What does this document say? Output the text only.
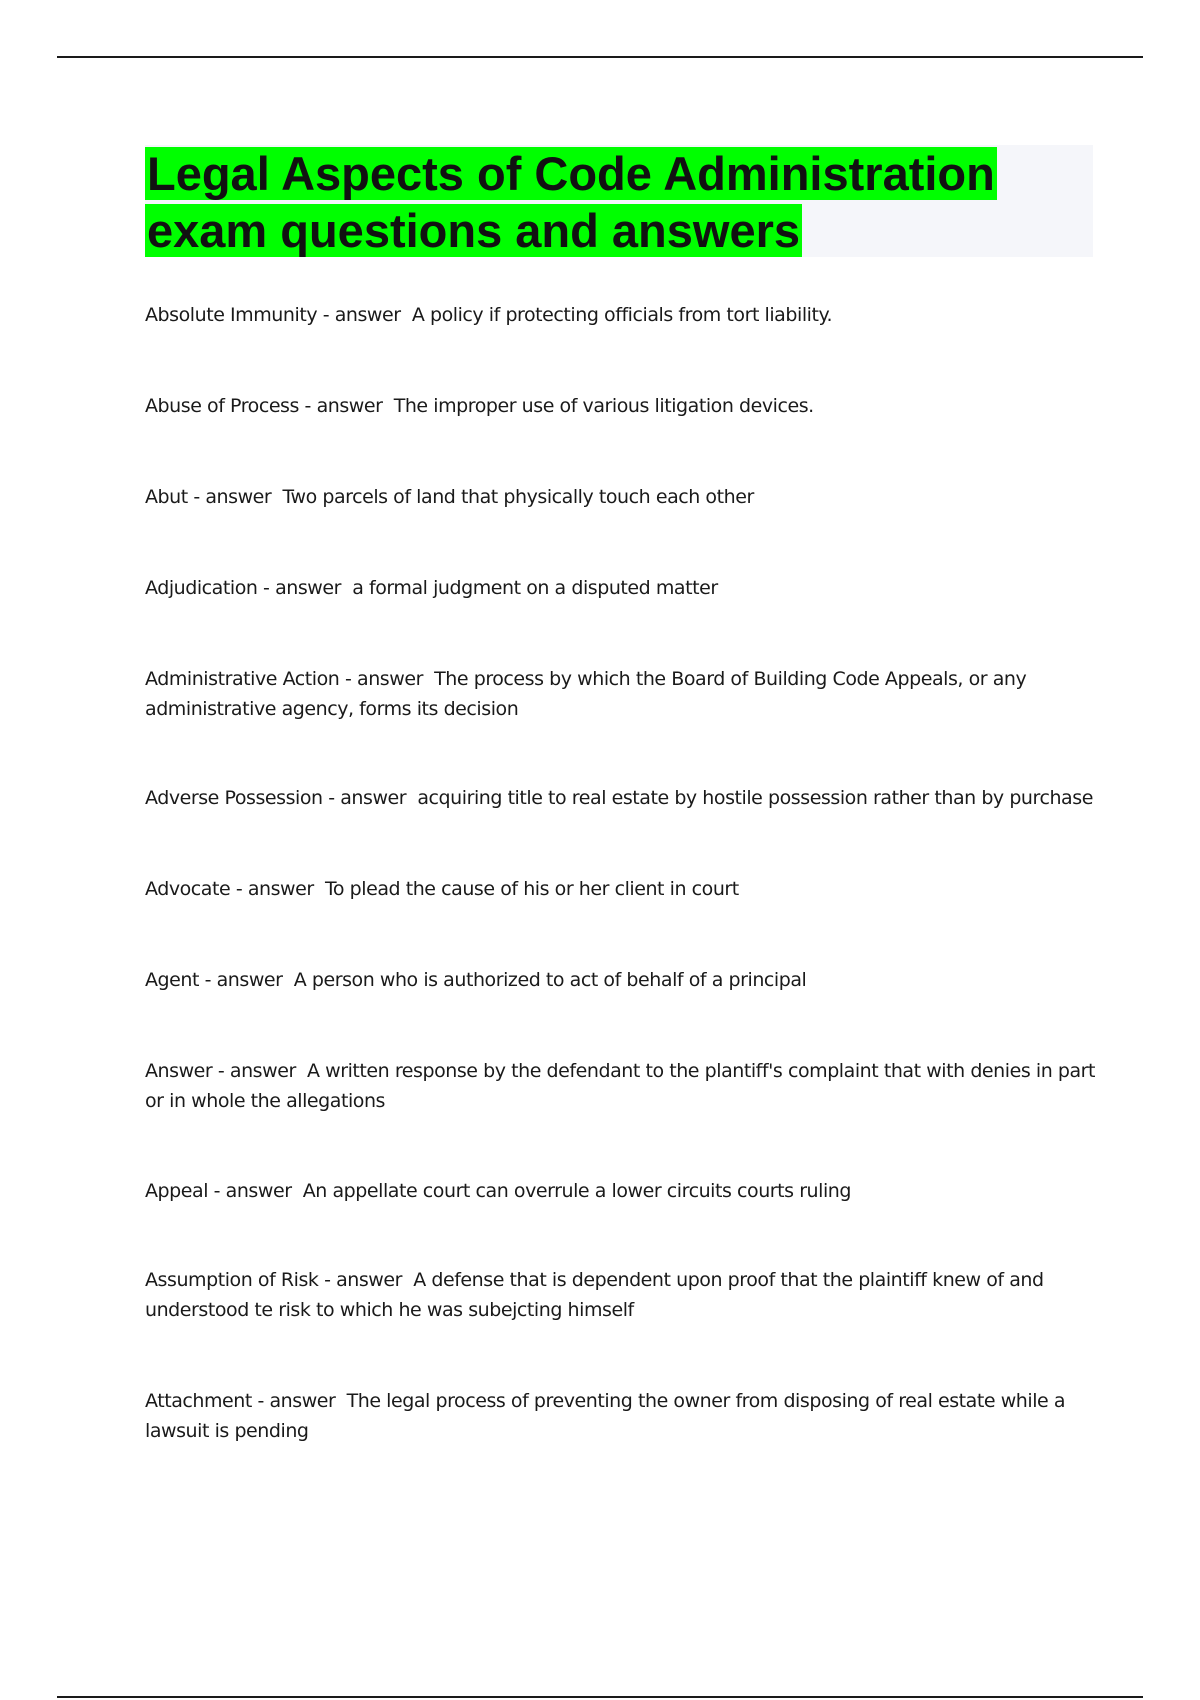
Legal Aspects of Code Administration
exam questions and answers

Absolute Immunity - answer A policy if protecting officials from tort liability.

Abuse of Process - answer The improper use of various litigation devices.

Abut - answer Two parcels of land that physically touch each other

Adjudication - answer a formal judgment on a disputed matter

Administrative Action - answer The process by which the Board of Building Code Appeals, or any administrative agency, forms its decision

Adverse Possession - answer acquiring title to real estate by hostile possession rather than by purchase

Advocate - answer To plead the cause of his or her client in court

Agent - answer A person who is authorized to act of behalf of a principal

Answer - answer A written response by the defendant to the plantiff's complaint that with denies in part or in whole the allegations

Appeal - answer An appellate court can overrule a lower circuits courts ruling

Assumption of Risk - answer A defense that is dependent upon proof that the plaintiff knew of and understood te risk to which he was subejcting himself

Attachment - answer The legal process of preventing the owner from disposing of real estate while a lawsuit is pending
